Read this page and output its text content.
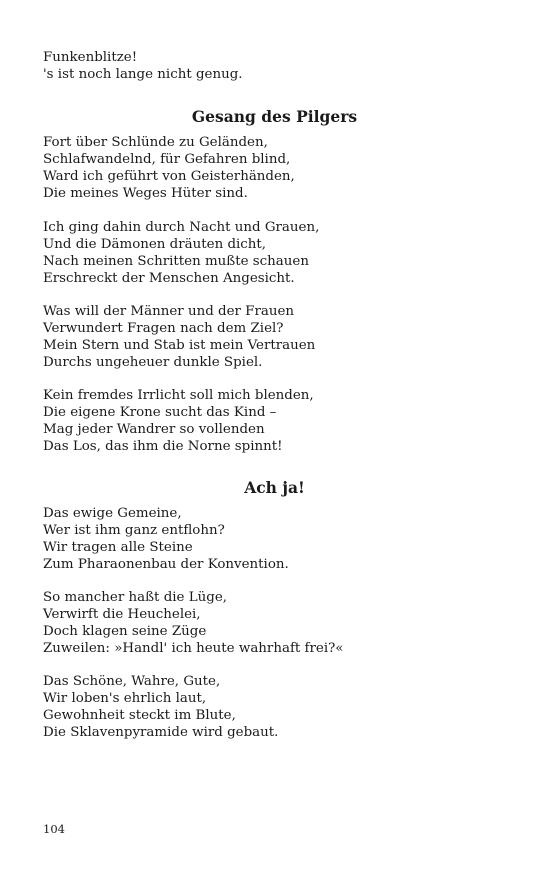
Funkenblitze!
's ist noch lange nicht genug.
Gesang des Pilgers
Fort über Schlünde zu Geländen,
Schlafwandelnd, für Gefahren blind,
Ward ich geführt von Geisterhänden,
Die meines Weges Hüter sind.
Ich ging dahin durch Nacht und Grauen,
Und die Dämonen dräuten dicht,
Nach meinen Schritten mußte schauen
Erschreckt der Menschen Angesicht.
Was will der Männer und der Frauen
Verwundert Fragen nach dem Ziel?
Mein Stern und Stab ist mein Vertrauen
Durchs ungeheuer dunkle Spiel.
Kein fremdes Irrlicht soll mich blenden,
Die eigene Krone sucht das Kind –
Mag jeder Wandrer so vollenden
Das Los, das ihm die Norne spinnt!
Ach ja!
Das ewige Gemeine,
Wer ist ihm ganz entflohn?
Wir tragen alle Steine
Zum Pharaonenbau der Konvention.
So mancher haßt die Lüge,
Verwirft die Heuchelei,
Doch klagen seine Züge
Zuweilen: »Handl' ich heute wahrhaft frei?«
Das Schöne, Wahre, Gute,
Wir loben's ehrlich laut,
Gewohnheit steckt im Blute,
Die Sklavenpyramide wird gebaut.
104
